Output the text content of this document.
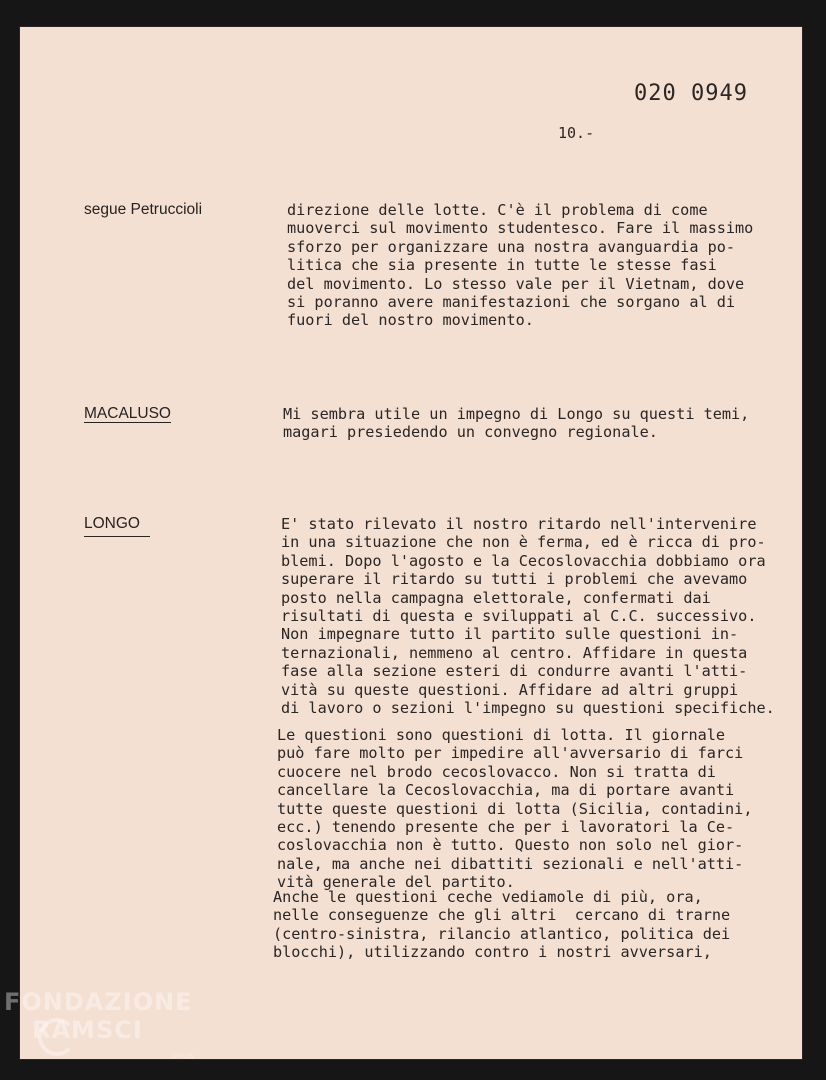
020 0949
10.-
segue Petruccioli	direzione delle lotte. C'è il problema di come
muoverci sul movimento studentesco. Fare il massimo
sforzo per organizzare una nostra avanguardia po-
litica che sia presente in tutte le stesse fasi
del movimento. Lo stesso vale per il Vietnam, dove
si poranno avere manifestazioni che sorgano al di
fuori del nostro movimento.
MACALUSO	Mi sembra utile un impegno di Longo su questi temi,
magari presiedendo un convegno regionale.
LONGO	E' stato rilevato il nostro ritardo nell'intervenire
in una situazione che non è ferma, ed è ricca di pro-
blemi. Dopo l'agosto e la Cecoslovacchia dobbiamo ora
superare il ritardo su tutti i problemi che avevamo
posto nella campagna elettorale, confermati dai
risultati di questa e sviluppati al C.C. successivo.
Non impegnare tutto il partito sulle questioni in-
ternazionali, nemmeno al centro. Affidare in questa
fase alla sezione esteri di condurre avanti l'atti-
vità su queste questioni. Affidare ad altri gruppi
di lavoro o sezioni l'impegno su questioni specifiche.
Le questioni sono questioni di lotta. Il giornale
può fare molto per impedire all'avversario di farci
cuocere nel brodo cecoslovacco. Non si tratta di
cancellare la Cecoslovacchia, ma di portare avanti
tutte queste questioni di lotta (Sicilia, contadini,
ecc.) tenendo presente che per i lavoratori la Ce-
coslovacchia non è tutto. Questo non solo nel gior-
nale, ma anche nei dibattiti sezionali e nell'atti-
vità generale del partito.
Anche le questioni ceche vediamole di più, ora,
nelle conseguenze che gli altri  cercano di trarne
(centro-sinistra, rilancio atlantico, politica dei
blocchi), utilizzando contro i nostri avversari,
FONDAZIONE
RAMSCI
onlus
